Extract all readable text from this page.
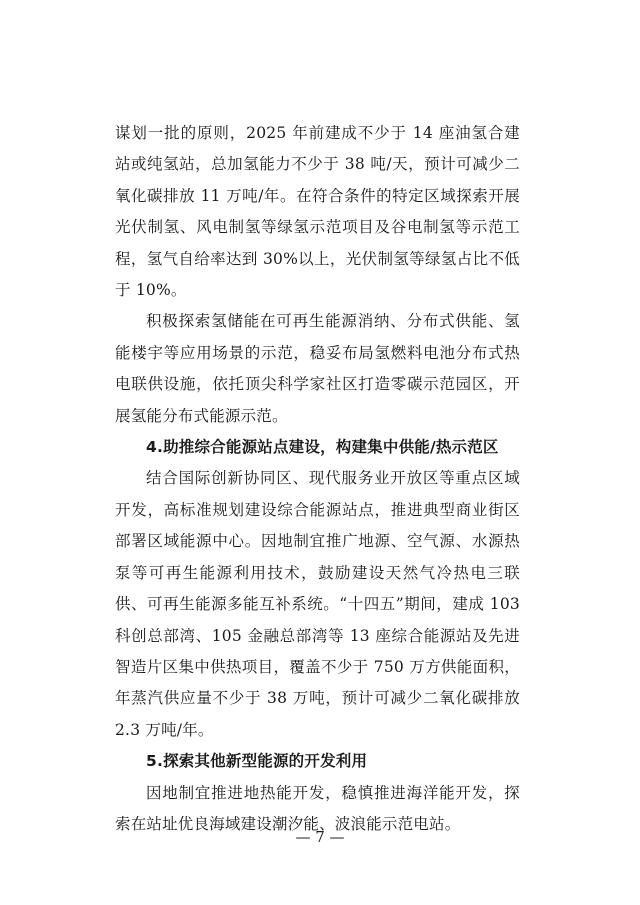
谋划一批的原则，2025 年前建成不少于 14 座油氢合建站或纯氢站，总加氢能力不少于 38 吨/天，预计可减少二氧化碳排放 11 万吨/年。在符合条件的特定区域探索开展光伏制氢、风电制氢等绿氢示范项目及谷电制氢等示范工程，氢气自给率达到 30%以上，光伏制氢等绿氢占比不低于 10%。

积极探索氢储能在可再生能源消纳、分布式供能、氢能楼宇等应用场景的示范，稳妥布局氢燃料电池分布式热电联供设施，依托顶尖科学家社区打造零碳示范园区，开展氢能分布式能源示范。

4.助推综合能源站点建设，构建集中供能/热示范区

结合国际创新协同区、现代服务业开放区等重点区域开发，高标准规划建设综合能源站点，推进典型商业街区部署区域能源中心。因地制宜推广地源、空气源、水源热泵等可再生能源利用技术，鼓励建设天然气冷热电三联供、可再生能源多能互补系统。“十四五”期间，建成 103 科创总部湾、105 金融总部湾等 13 座综合能源站及先进智造片区集中供热项目，覆盖不少于 750 万方供能面积，年蒸汽供应量不少于 38 万吨，预计可减少二氧化碳排放 2.3 万吨/年。

5.探索其他新型能源的开发利用

因地制宜推进地热能开发，稳慎推进海洋能开发，探索在站址优良海域建设潮汐能、波浪能示范电站。

— 7 —
